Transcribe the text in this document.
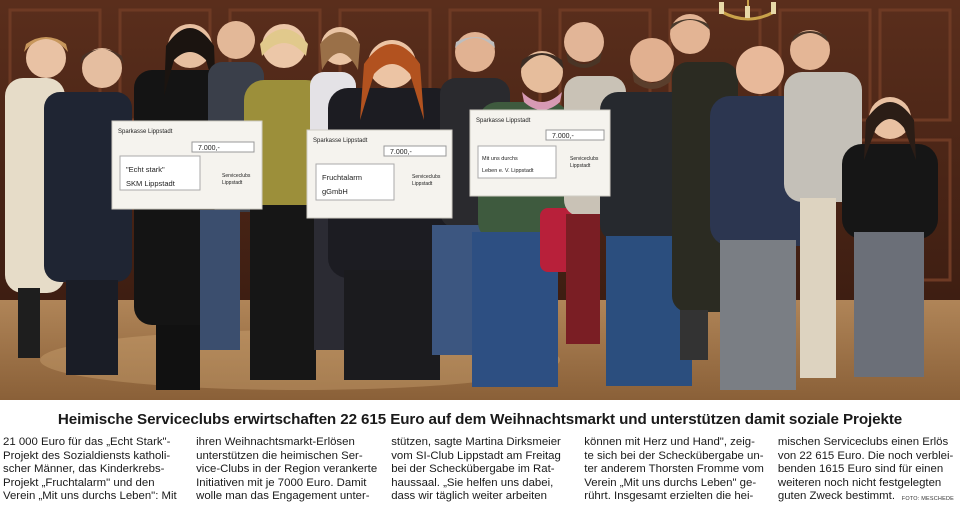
Sparkasse Lippstadt
7.000,-
"Echt stark"
SKM Lippstadt
Serviceclubs
Lippstadt
Sparkasse Lippstadt
7.000,-
Fruchtalarm
gGmbH
Serviceclubs
Lippstadt
Sparkasse Lippstadt
7.000,-
Mit uns durchs
Leben e. V. Lippstadt
Serviceclubs
Lippstadt
Heimische Serviceclubs erwirtschaften 22 615 Euro auf dem Weihnachtsmarkt und unterstützen damit soziale Projekte
21 000 Euro für das „Echt Stark"-
Projekt des Sozialdiensts katholi-
scher Männer, das Kinderkrebs-
Projekt „Fruchtalarm" und den
Verein „Mit uns durchs Leben": Mit
ihren Weihnachtsmarkt-Erlösen
unterstützen die heimischen Ser-
vice-Clubs in der Region verankerte
Initiativen mit je 7000 Euro. Damit
wolle man das Engagement unter-
stützen, sagte Martina Dirksmeier
vom SI-Club Lippstadt am Freitag
bei der Scheckübergabe im Rat-
haussaal. „Sie helfen uns dabei,
dass wir täglich weiter arbeiten
können mit Herz und Hand", zeig-
te sich bei der Scheckübergabe un-
ter anderem Thorsten Fromme vom
Verein „Mit uns durchs Leben" ge-
rührt. Insgesamt erzielten die hei-
mischen Serviceclubs einen Erlös
von 22 615 Euro. Die noch verblei-
benden 1615 Euro sind für einen
weiteren noch nicht festgelegten
guten Zweck bestimmt.	FOTO: MESCHEDE
